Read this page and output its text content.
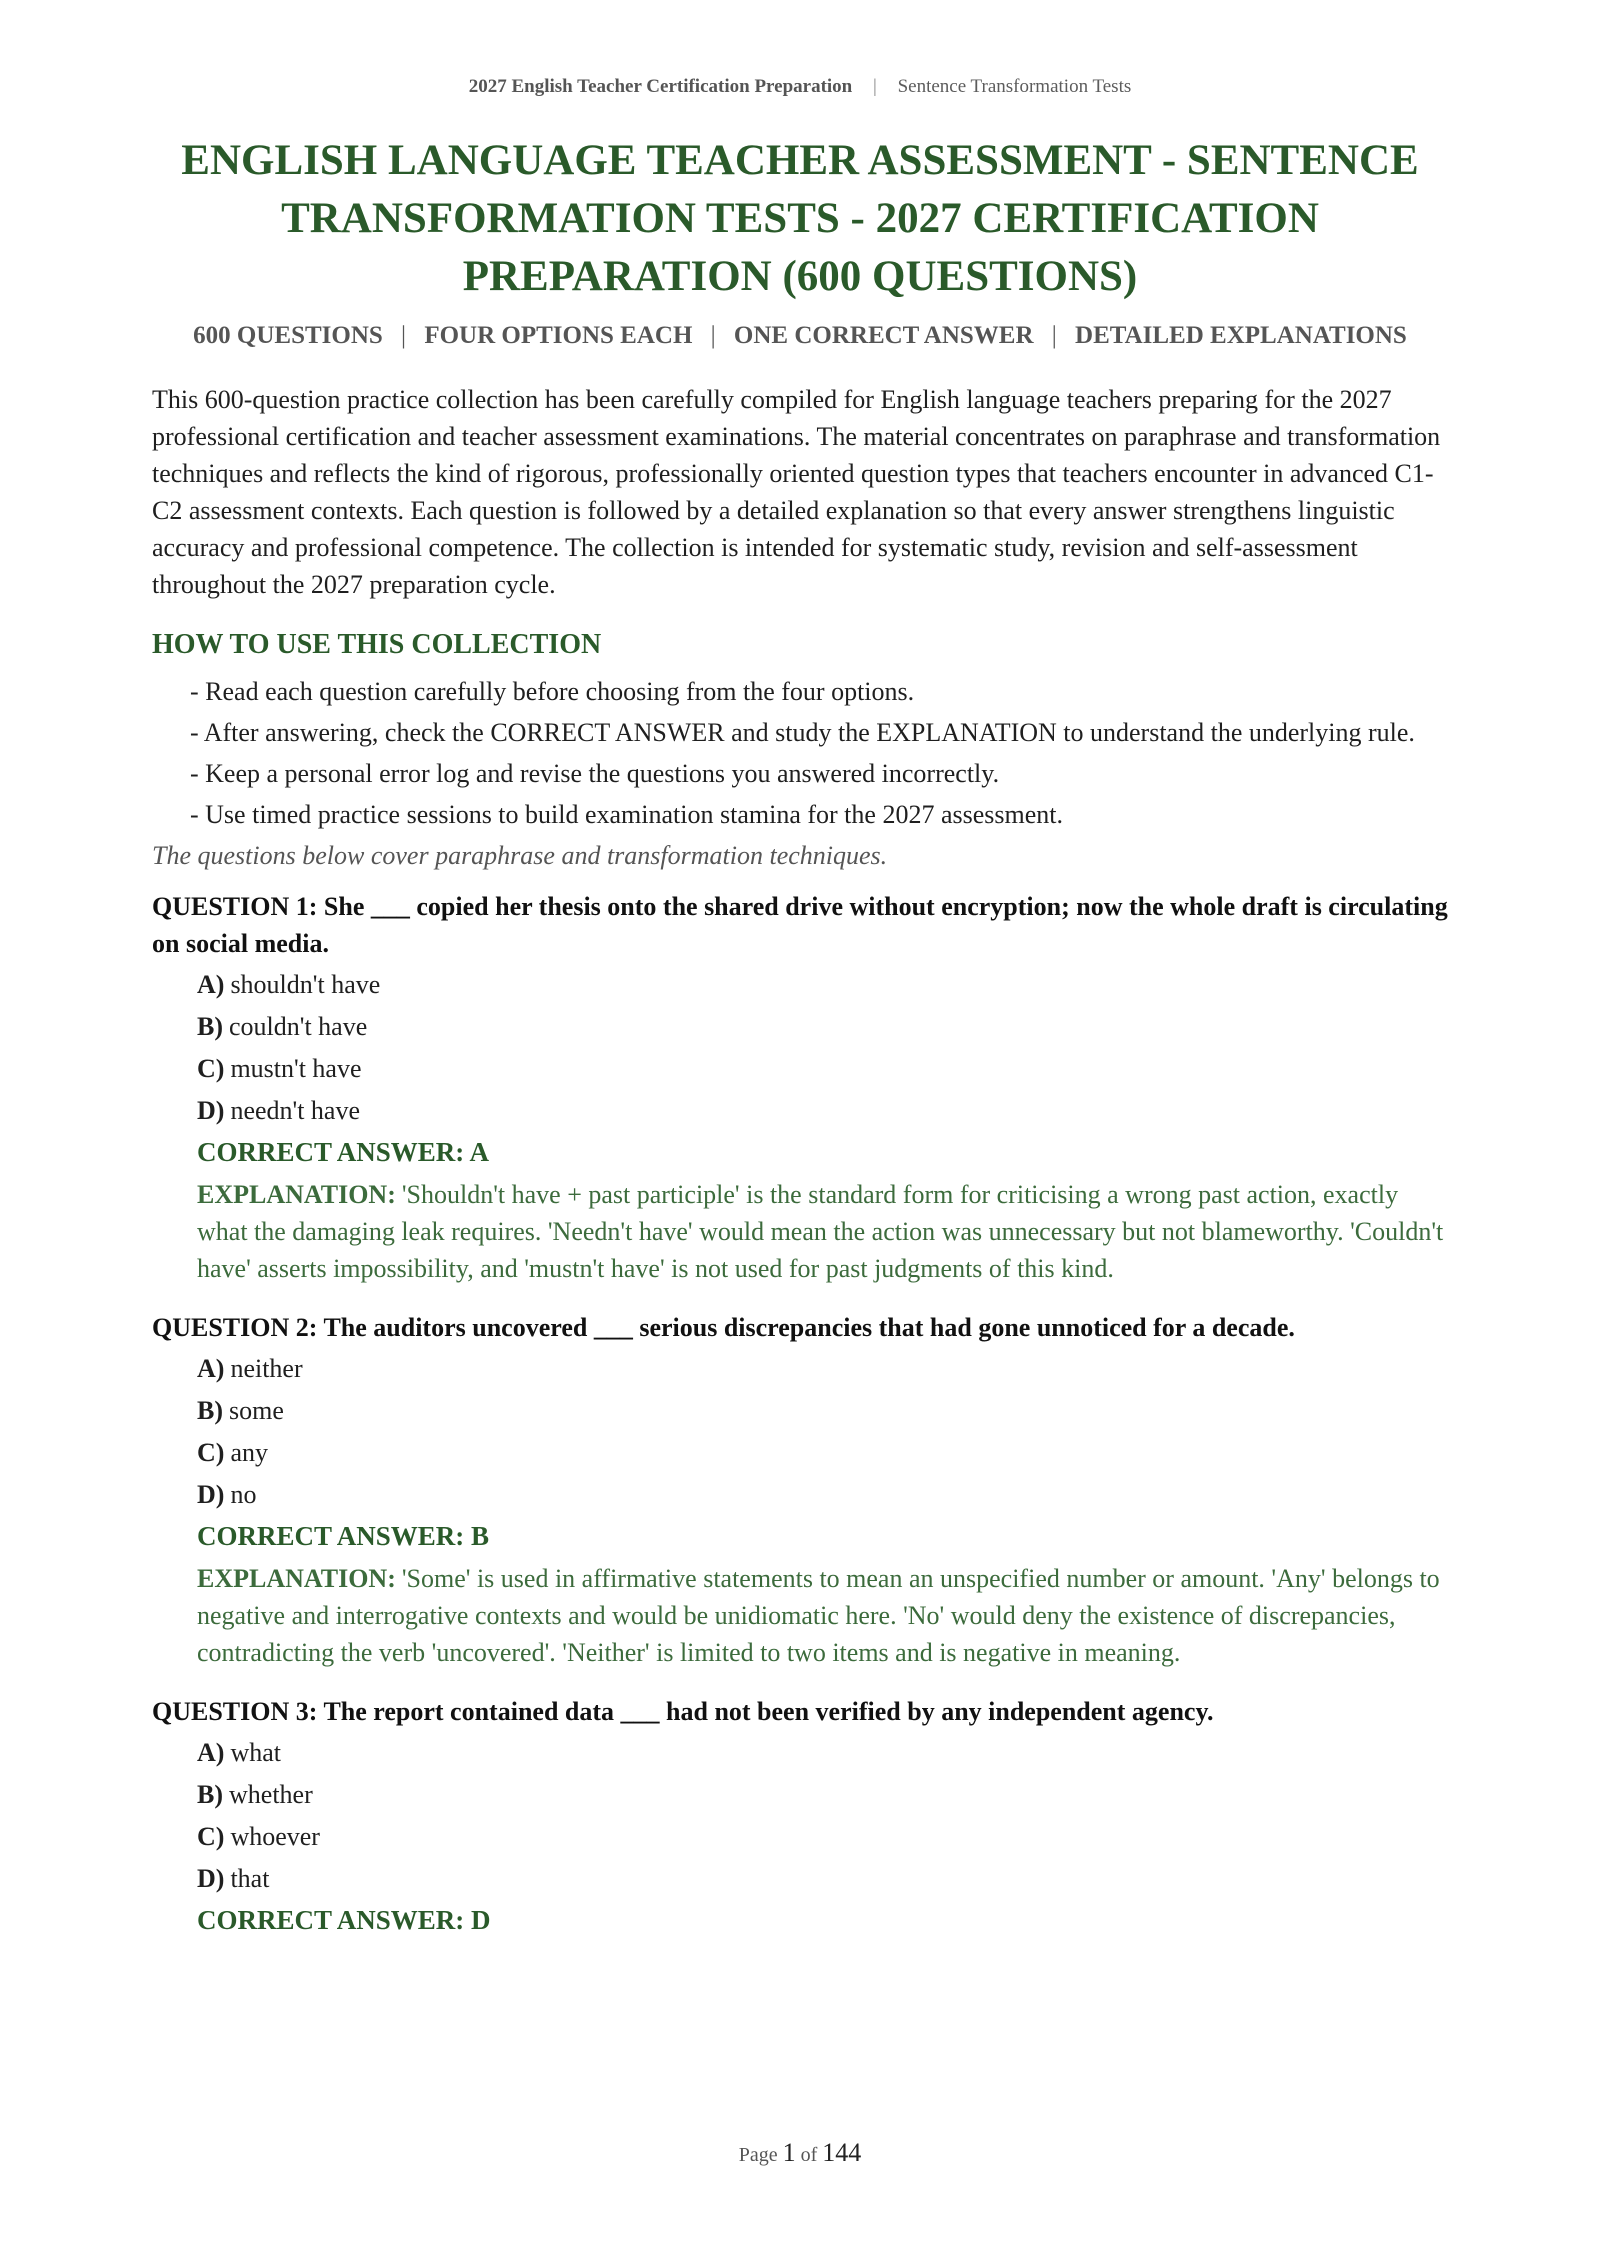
2027 English Teacher Certification Preparation | Sentence Transformation Tests
ENGLISH LANGUAGE TEACHER ASSESSMENT - SENTENCE TRANSFORMATION TESTS - 2027 CERTIFICATION PREPARATION (600 QUESTIONS)
600 QUESTIONS | FOUR OPTIONS EACH | ONE CORRECT ANSWER | DETAILED EXPLANATIONS

This 600-question practice collection has been carefully compiled for English language teachers preparing for the 2027 professional certification and teacher assessment examinations. The material concentrates on paraphrase and transformation techniques and reflects the kind of rigorous, professionally oriented question types that teachers encounter in advanced C1-C2 assessment contexts. Each question is followed by a detailed explanation so that every answer strengthens linguistic accuracy and professional competence. The collection is intended for systematic study, revision and self-assessment throughout the 2027 preparation cycle.

HOW TO USE THIS COLLECTION
- Read each question carefully before choosing from the four options.
- After answering, check the CORRECT ANSWER and study the EXPLANATION to understand the underlying rule.
- Keep a personal error log and revise the questions you answered incorrectly.
- Use timed practice sessions to build examination stamina for the 2027 assessment.

The questions below cover paraphrase and transformation techniques.

QUESTION 1: She ___ copied her thesis onto the shared drive without encryption; now the whole draft is circulating on social media.

A) shouldn't have
B) couldn't have
C) mustn't have
D) needn't have
CORRECT ANSWER: A

EXPLANATION: 'Shouldn't have + past participle' is the standard form for criticising a wrong past action, exactly what the damaging leak requires. 'Needn't have' would mean the action was unnecessary but not blameworthy. 'Couldn't have' asserts impossibility, and 'mustn't have' is not used for past judgments of this kind.

QUESTION 2: The auditors uncovered ___ serious discrepancies that had gone unnoticed for a decade.

A) neither
B) some
C) any
D) no
CORRECT ANSWER: B

EXPLANATION: 'Some' is used in affirmative statements to mean an unspecified number or amount. 'Any' belongs to negative and interrogative contexts and would be unidiomatic here. 'No' would deny the existence of discrepancies, contradicting the verb 'uncovered'. 'Neither' is limited to two items and is negative in meaning.

QUESTION 3: The report contained data ___ had not been verified by any independent agency.

A) what
B) whether
C) whoever
D) that
CORRECT ANSWER: D
Page 1 of 144
